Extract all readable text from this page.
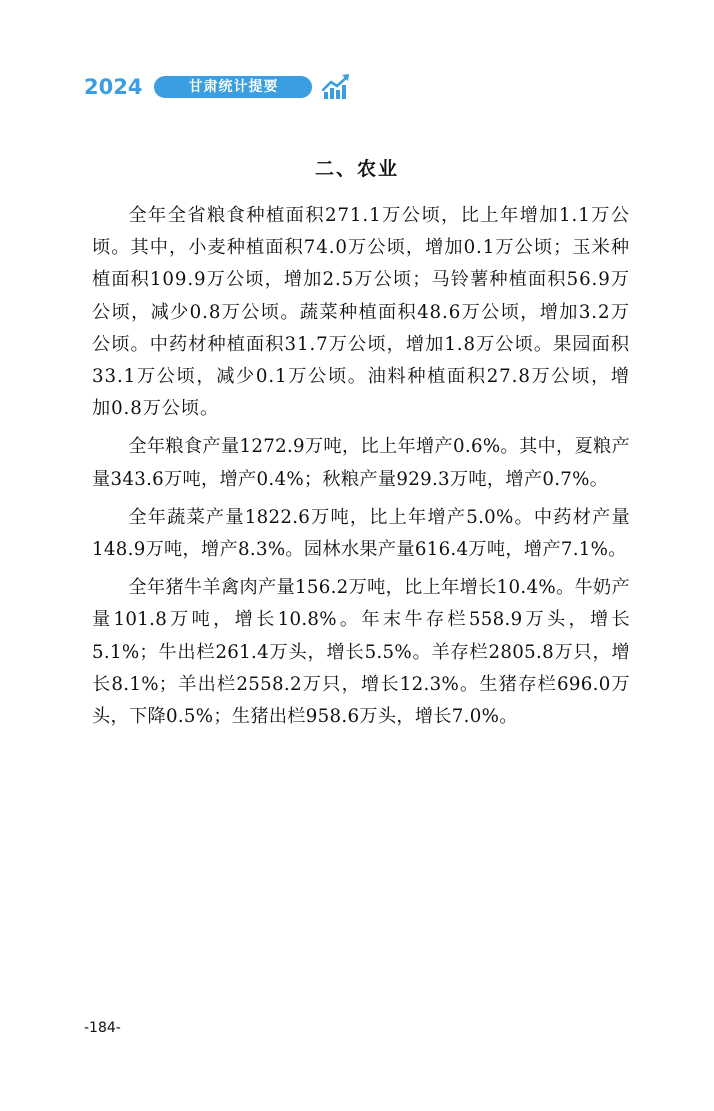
2024	甘肃统计提要
二、农业

全年全省粮食种植面积271.1万公顷，比上年增加1.1万公顷。其中，小麦种植面积74.0万公顷，增加0.1万公顷；玉米种植面积109.9万公顷，增加2.5万公顷；马铃薯种植面积56.9万公顷，减少0.8万公顷。蔬菜种植面积48.6万公顷，增加3.2万公顷。中药材种植面积31.7万公顷，增加1.8万公顷。果园面积33.1万公顷，减少0.1万公顷。油料种植面积27.8万公顷，增加0.8万公顷。

全年粮食产量1272.9万吨，比上年增产0.6%。其中，夏粮产量343.6万吨，增产0.4%；秋粮产量929.3万吨，增产0.7%。

全年蔬菜产量1822.6万吨，比上年增产5.0%。中药材产量148.9万吨，增产8.3%。园林水果产量616.4万吨，增产7.1%。

全年猪牛羊禽肉产量156.2万吨，比上年增长10.4%。牛奶产量101.8万吨，增长10.8%。年末牛存栏558.9万头，增长5.1%；牛出栏261.4万头，增长5.5%。羊存栏2805.8万只，增长8.1%；羊出栏2558.2万只，增长12.3%。生猪存栏696.0万头，下降0.5%；生猪出栏958.6万头，增长7.0%。

-184-
